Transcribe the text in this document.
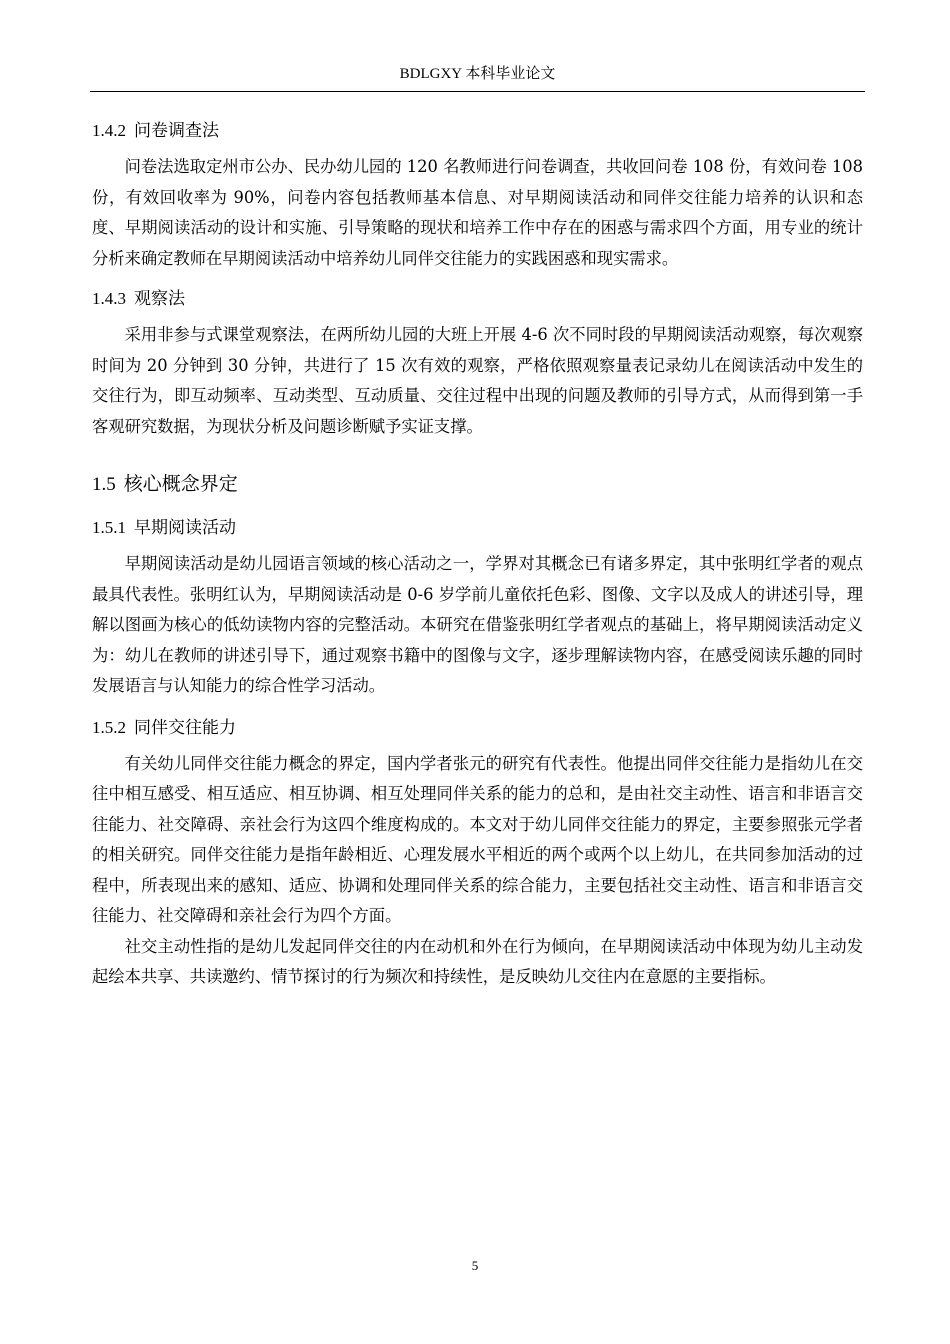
BDLGXY 本科毕业论文
1.4.2 问卷调查法

问卷法选取定州市公办、民办幼儿园的 120 名教师进行问卷调查，共收回问卷 108 份，有效问卷 108 份，有效回收率为 90%，问卷内容包括教师基本信息、对早期阅读活动和同伴交往能力培养的认识和态度、早期阅读活动的设计和实施、引导策略的现状和培养工作中存在的困惑与需求四个方面，用专业的统计分析来确定教师在早期阅读活动中培养幼儿同伴交往能力的实践困惑和现实需求。

1.4.3 观察法

采用非参与式课堂观察法，在两所幼儿园的大班上开展 4-6 次不同时段的早期阅读活动观察，每次观察时间为 20 分钟到 30 分钟，共进行了 15 次有效的观察，严格依照观察量表记录幼儿在阅读活动中发生的交往行为，即互动频率、互动类型、互动质量、交往过程中出现的问题及教师的引导方式，从而得到第一手客观研究数据，为现状分析及问题诊断赋予实证支撑。

1.5 核心概念界定
1.5.1 早期阅读活动

早期阅读活动是幼儿园语言领域的核心活动之一，学界对其概念已有诸多界定，其中张明红学者的观点最具代表性。张明红认为，早期阅读活动是 0-6 岁学前儿童依托色彩、图像、文字以及成人的讲述引导，理解以图画为核心的低幼读物内容的完整活动。本研究在借鉴张明红学者观点的基础上，将早期阅读活动定义为：幼儿在教师的讲述引导下，通过观察书籍中的图像与文字，逐步理解读物内容，在感受阅读乐趣的同时发展语言与认知能力的综合性学习活动。

1.5.2 同伴交往能力

有关幼儿同伴交往能力概念的界定，国内学者张元的研究有代表性。他提出同伴交往能力是指幼儿在交往中相互感受、相互适应、相互协调、相互处理同伴关系的能力的总和，是由社交主动性、语言和非语言交往能力、社交障碍、亲社会行为这四个维度构成的。本文对于幼儿同伴交往能力的界定，主要参照张元学者的相关研究。同伴交往能力是指年龄相近、心理发展水平相近的两个或两个以上幼儿，在共同参加活动的过程中，所表现出来的感知、适应、协调和处理同伴关系的综合能力，主要包括社交主动性、语言和非语言交往能力、社交障碍和亲社会行为四个方面。

社交主动性指的是幼儿发起同伴交往的内在动机和外在行为倾向，在早期阅读活动中体现为幼儿主动发起绘本共享、共读邀约、情节探讨的行为频次和持续性，是反映幼儿交往内在意愿的主要指标。

5
